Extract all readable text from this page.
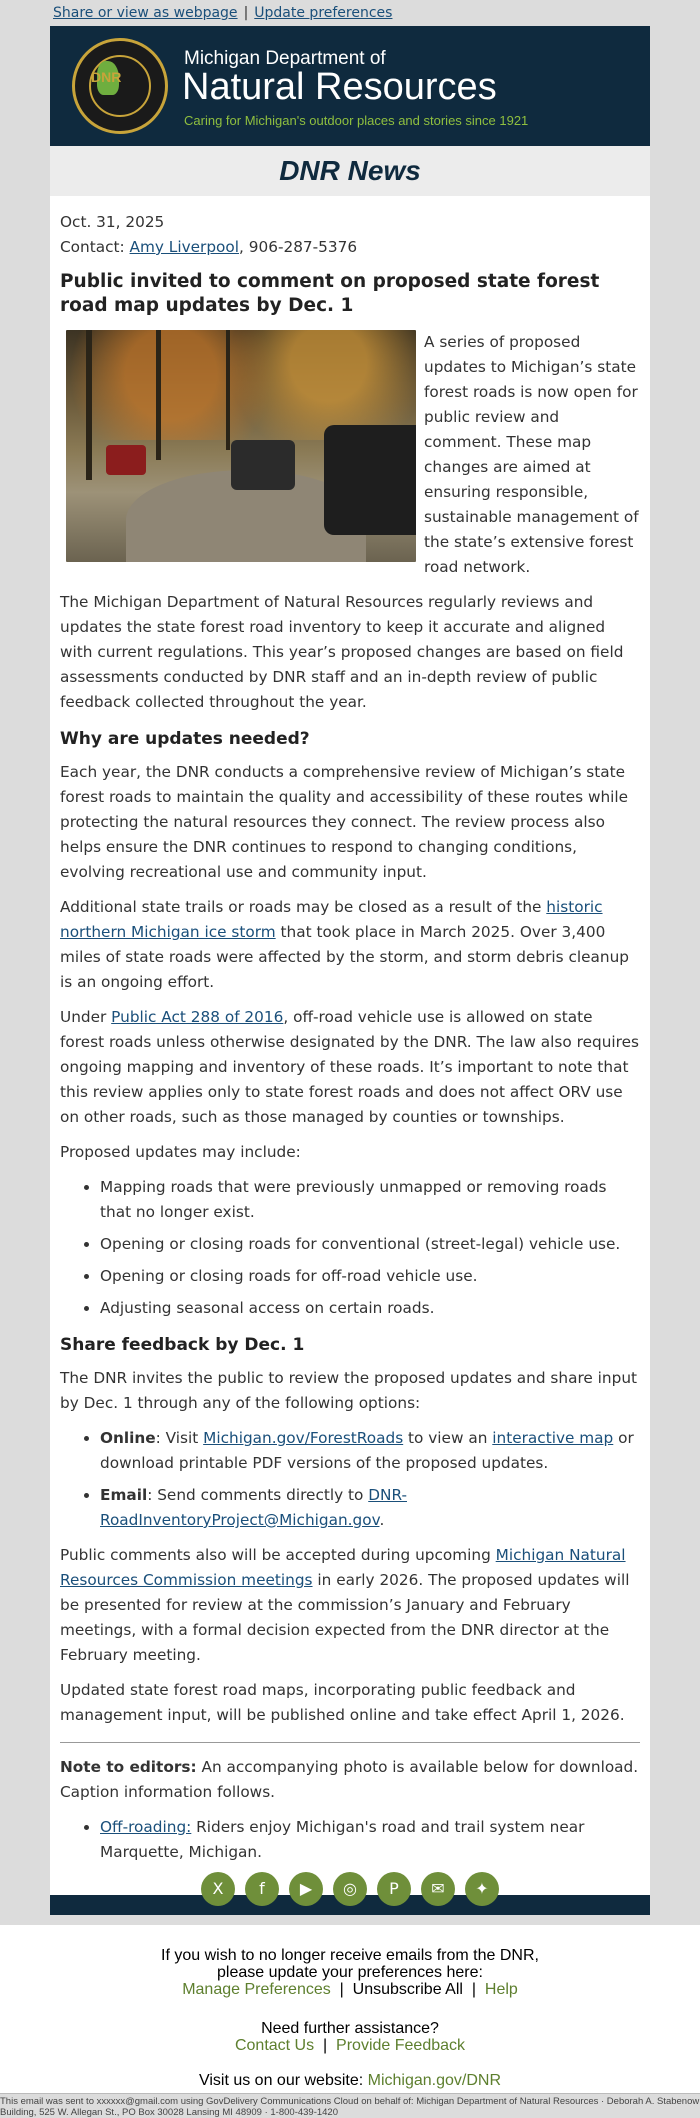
Share or view as webpage | Update preferences
DNR
Michigan Department of
Natural Resources
Caring for Michigan's outdoor places and stories since 1921
DNR News

Oct. 31, 2025

Contact: Amy Liverpool, 906-287-5376

Public invited to comment on proposed state forest road map updates by Dec. 1

A series of proposed updates to Michigan’s state forest roads is now open for public review and comment. These map changes are aimed at ensuring responsible, sustainable management of the state’s extensive forest road network.

The Michigan Department of Natural Resources regularly reviews and updates the state forest road inventory to keep it accurate and aligned with current regulations. This year’s proposed changes are based on field assessments conducted by DNR staff and an in-depth review of public feedback collected throughout the year.

Why are updates needed?

Each year, the DNR conducts a comprehensive review of Michigan’s state forest roads to maintain the quality and accessibility of these routes while protecting the natural resources they connect. The review process also helps ensure the DNR continues to respond to changing conditions, evolving recreational use and community input.

Additional state trails or roads may be closed as a result of the historic northern Michigan ice storm that took place in March 2025. Over 3,400 miles of state roads were affected by the storm, and storm debris cleanup is an ongoing effort.

Under Public Act 288 of 2016, off-road vehicle use is allowed on state forest roads unless otherwise designated by the DNR. The law also requires ongoing mapping and inventory of these roads. It’s important to note that this review applies only to state forest roads and does not affect ORV use on other roads, such as those managed by counties or townships.

Proposed updates may include:

• Mapping roads that were previously unmapped or removing roads that no longer exist.
• Opening or closing roads for conventional (street-legal) vehicle use.
• Opening or closing roads for off-road vehicle use.
• Adjusting seasonal access on certain roads.
Share feedback by Dec. 1

The DNR invites the public to review the proposed updates and share input by Dec. 1 through any of the following options:

• Online: Visit Michigan.gov/ForestRoads to view an interactive map or download printable PDF versions of the proposed updates.
• Email: Send comments directly to DNR-RoadInventoryProject@Michigan.gov.

Public comments also will be accepted during upcoming Michigan Natural Resources Commission meetings in early 2026. The proposed updates will be presented for review at the commission’s January and February meetings, with a formal decision expected from the DNR director at the February meeting.

Updated state forest road maps, incorporating public feedback and management input, will be published online and take effect April 1, 2026.

Note to editors: An accompanying photo is available below for download. Caption information follows.

• Off-roading: Riders enjoy Michigan's road and trail system near Marquette, Michigan.
X f ▶ ◎ P ✉ ✦
If you wish to no longer receive emails from the DNR,
please update your preferences here:
Manage Preferences | Unsubscribe All | Help
Need further assistance?
Contact Us | Provide Feedback
Visit us on our website: Michigan.gov/DNR
This email was sent to xxxxxx@gmail.com using GovDelivery Communications Cloud on behalf of: Michigan Department of Natural Resources · Deborah A. Stabenow Building, 525 W. Allegan St., PO Box 30028 Lansing MI 48909 · 1-800-439-1420
